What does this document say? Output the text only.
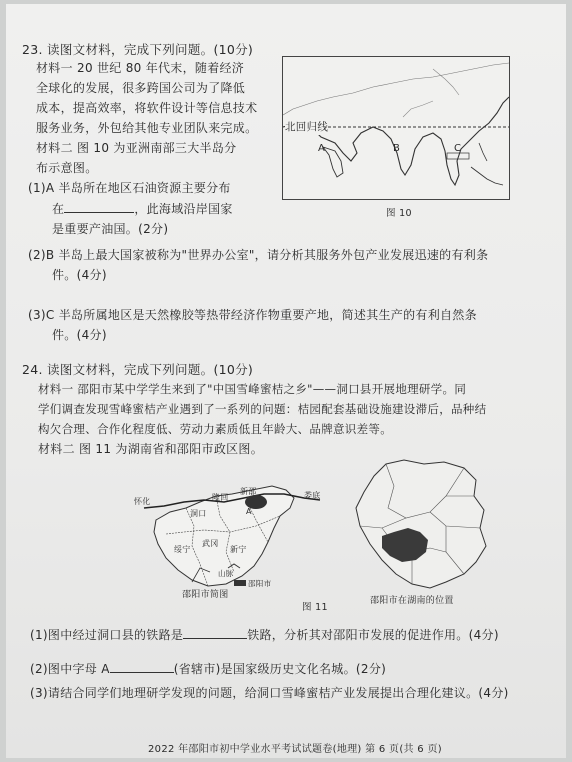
23. 读图文材料，完成下列问题。(10分)
材料一 20 世纪 80 年代末，随着经济
全球化的发展，很多跨国公司为了降低
成本，提高效率，将软件设计等信息技术
服务业务，外包给其他专业团队来完成。
材料二 图 10 为亚洲南部三大半岛分
布示意图。
(1)A 半岛所在地区石油资源主要分布
在	，此海域沿岸国家
是重要产油国。(2分)
北回归线
A	B	C
图 10
(2)B 半岛上最大国家被称为"世界办公室"，请分析其服务外包产业发展迅速的有利条
件。(4分)
(3)C 半岛所属地区是天然橡胶等热带经济作物重要产地，简述其生产的有利自然条
件。(4分)
24. 读图文材料，完成下列问题。(10分)
材料一 邵阳市某中学学生来到了"中国雪峰蜜桔之乡"——洞口县开展地理研学。同
学们调查发现雪峰蜜桔产业遇到了一系列的问题：桔园配套基础设施建设滞后，品种结
构欠合理、合作化程度低、劳动力素质低且年龄大、品牌意识差等。
材料二 图 11 为湖南省和邵阳市政区图。
怀化
新邵
隆回	娄底
洞口
武冈
绥宁	新宁
山脉
邵阳市
A
邵阳市简图
邵阳市在湖南的位置
图 11
(1)图中经过洞口县的铁路是	铁路，分析其对邵阳市发展的促进作用。(4分)
(2)图中字母 A	(省辖市)是国家级历史文化名城。(2分)
(3)请结合同学们地理研学发现的问题，给洞口雪峰蜜桔产业发展提出合理化建议。(4分)
2022 年邵阳市初中学业水平考试试题卷(地理) 第 6 页(共 6 页)
